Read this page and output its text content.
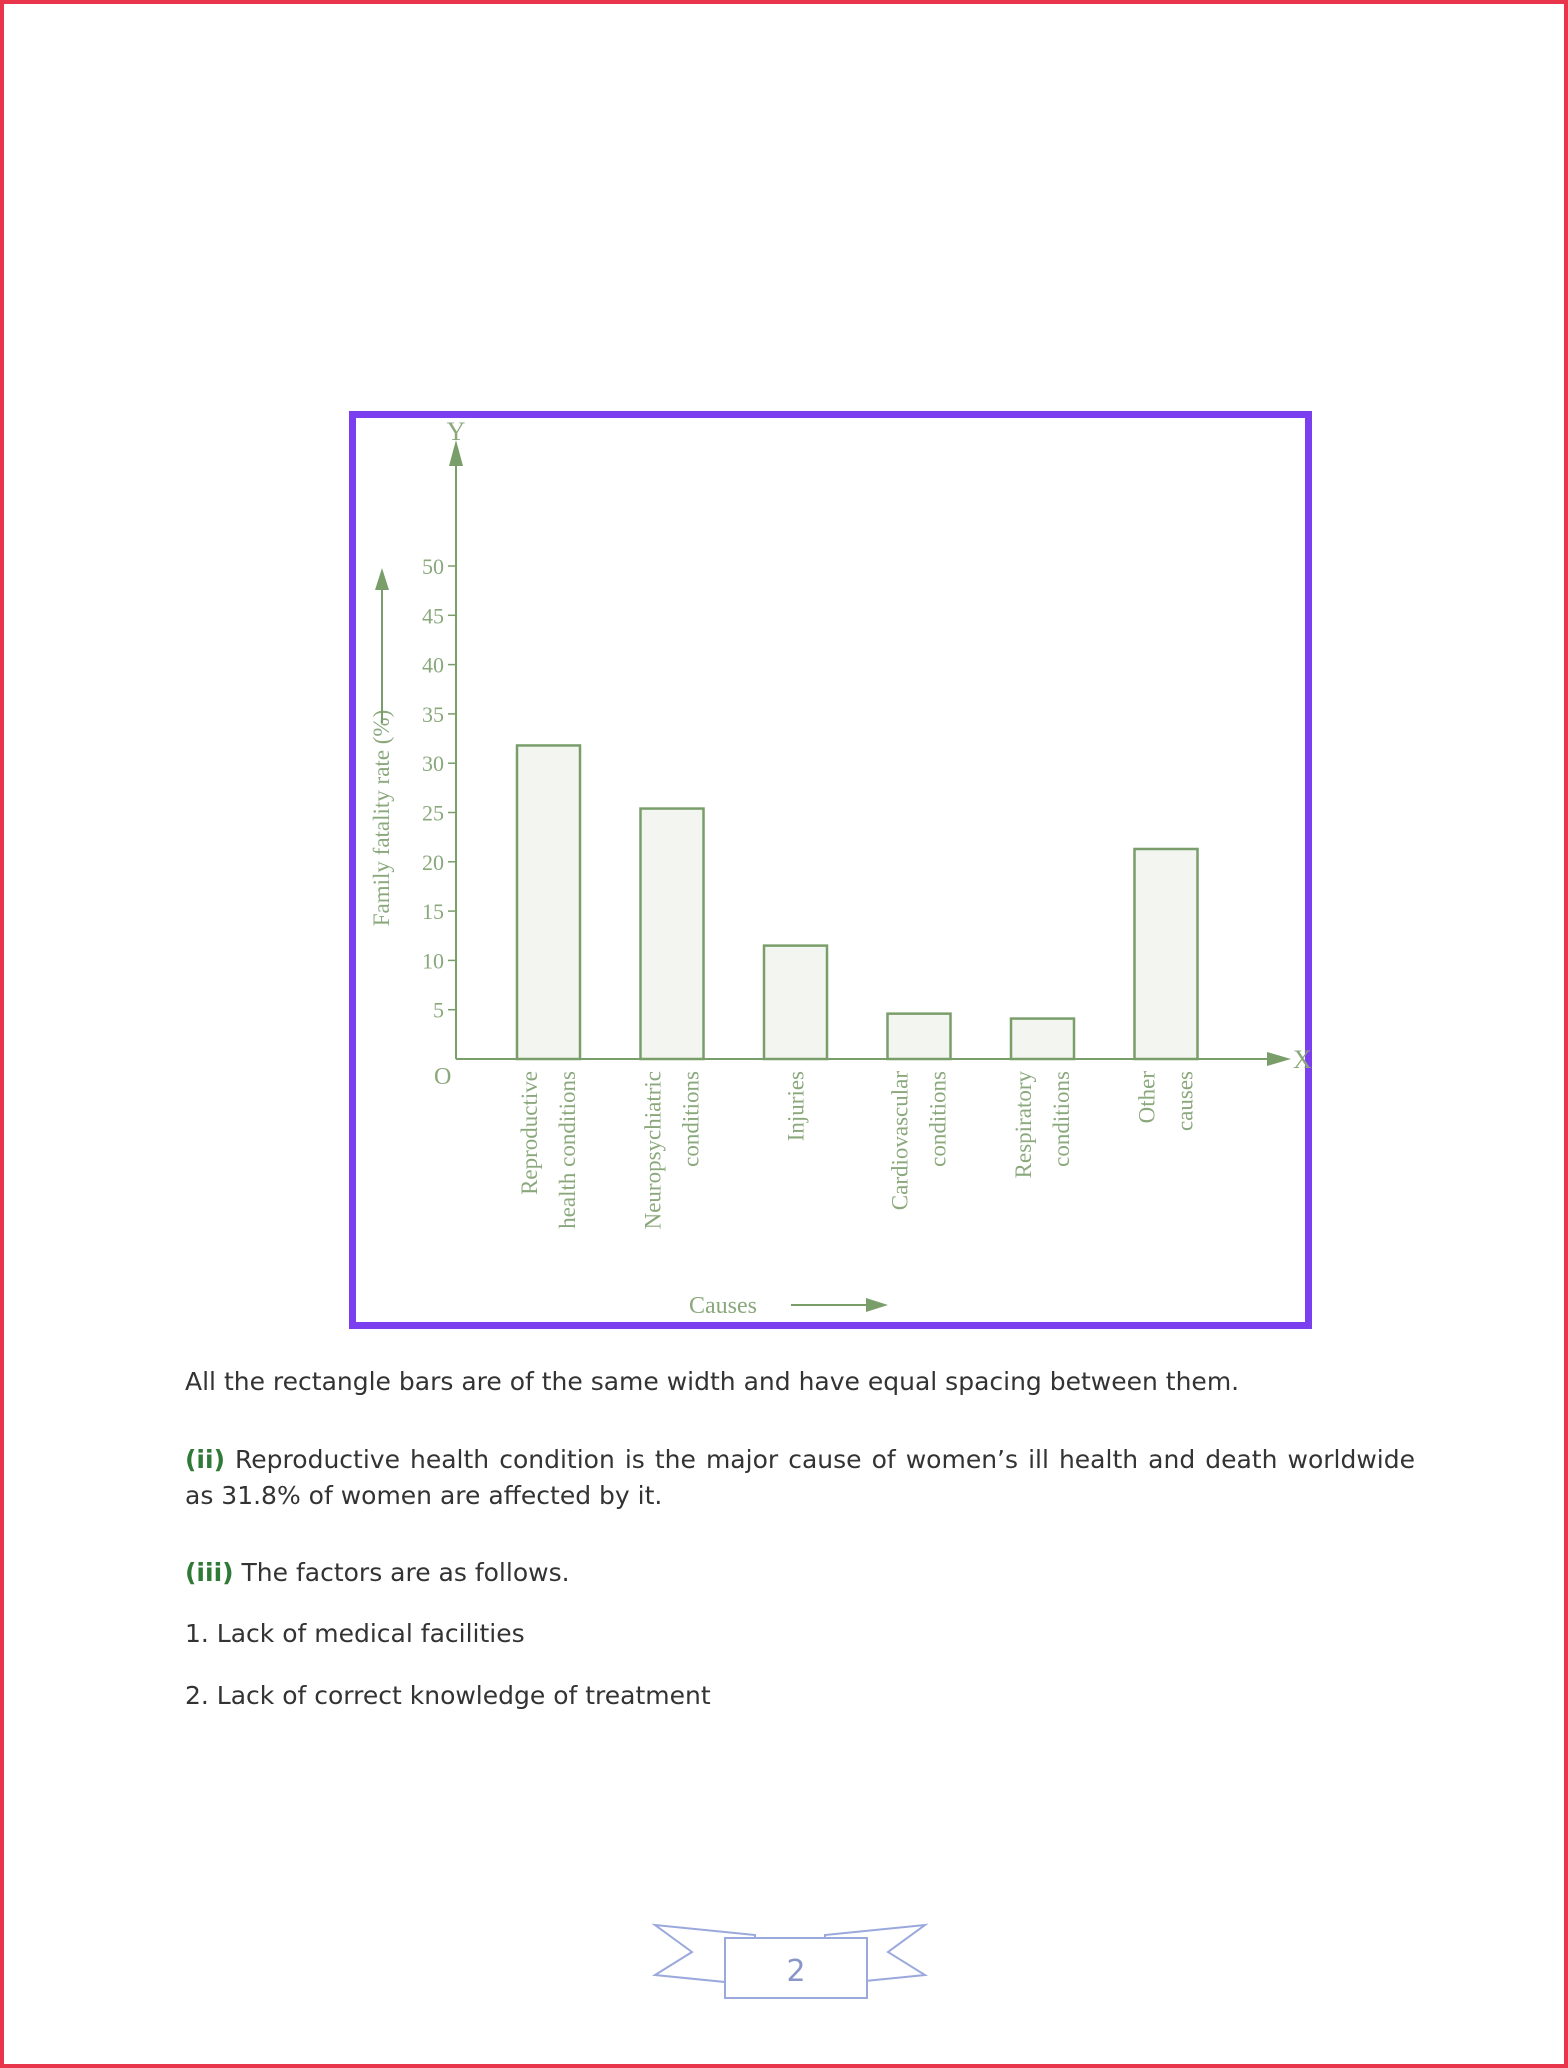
Y
X
O
5
10
15
20
25
30
35
40
45
50
Reproductive health conditions	Neuropsychiatric conditions	Injuries	Cardiovascular conditions	Respiratory conditions	Other causes
Family fatality rate (%)
Causes
All the rectangle bars are of the same width and have equal spacing between them.
(ii) Reproductive health condition is the major cause of women’s ill health and death worldwide as 31.8% of women are affected by it.
(iii) The factors are as follows.
1. Lack of medical facilities
2. Lack of correct knowledge of treatment
2
